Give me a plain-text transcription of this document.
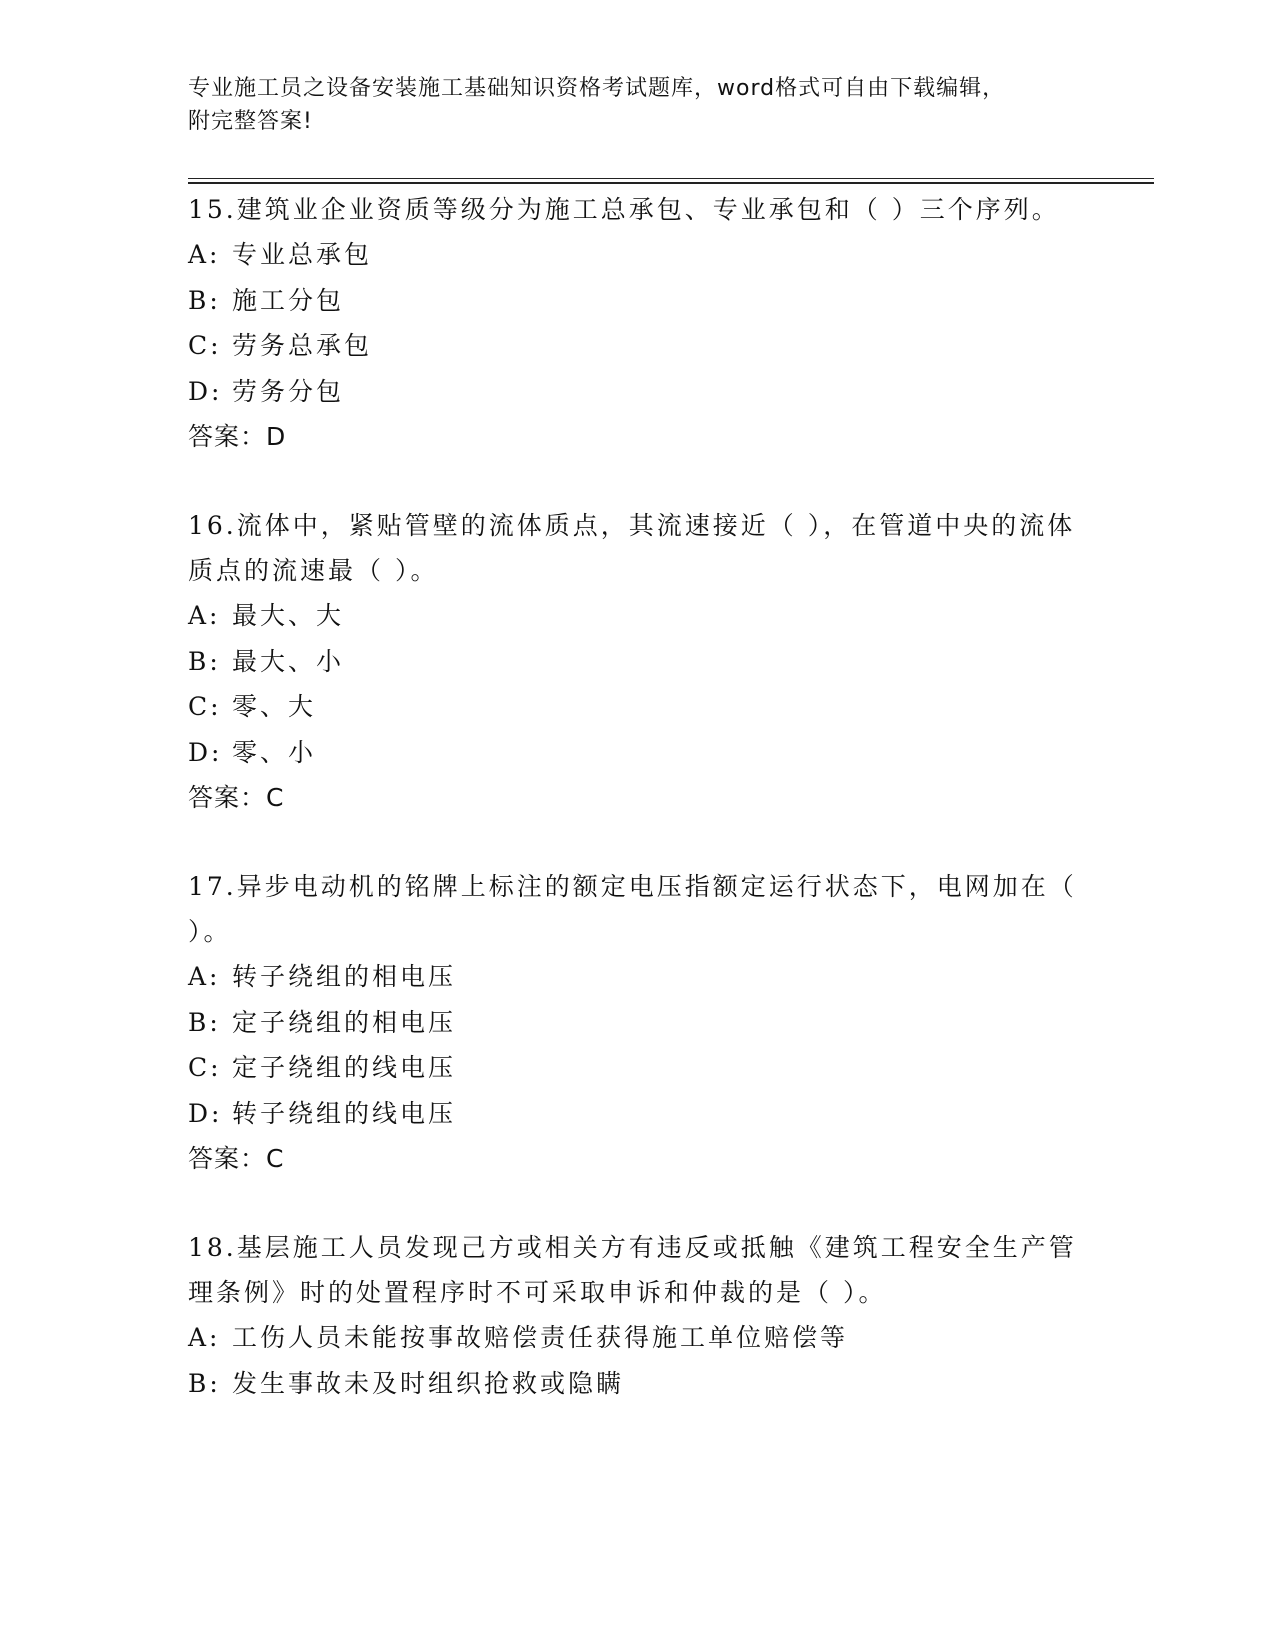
专业施工员之设备安装施工基础知识资格考试题库，word格式可自由下载编辑，
附完整答案!

15.建筑业企业资质等级分为施工总承包、专业承包和（ ）三个序列。

A: 专业总承包

B: 施工分包

C: 劳务总承包

D: 劳务分包

答案：D

16.流体中，紧贴管壁的流体质点，其流速接近（ ），在管道中央的流体质点的流速最（ ）。

A: 最大、大

B: 最大、小

C: 零、大

D: 零、小

答案：C

17.异步电动机的铭牌上标注的额定电压指额定运行状态下，电网加在（ ）。

A: 转子绕组的相电压

B: 定子绕组的相电压

C: 定子绕组的线电压

D: 转子绕组的线电压

答案：C

18.基层施工人员发现己方或相关方有违反或抵触《建筑工程安全生产管理条例》时的处置程序时不可采取申诉和仲裁的是（ ）。

A: 工伤人员未能按事故赔偿责任获得施工单位赔偿等

B: 发生事故未及时组织抢救或隐瞒
